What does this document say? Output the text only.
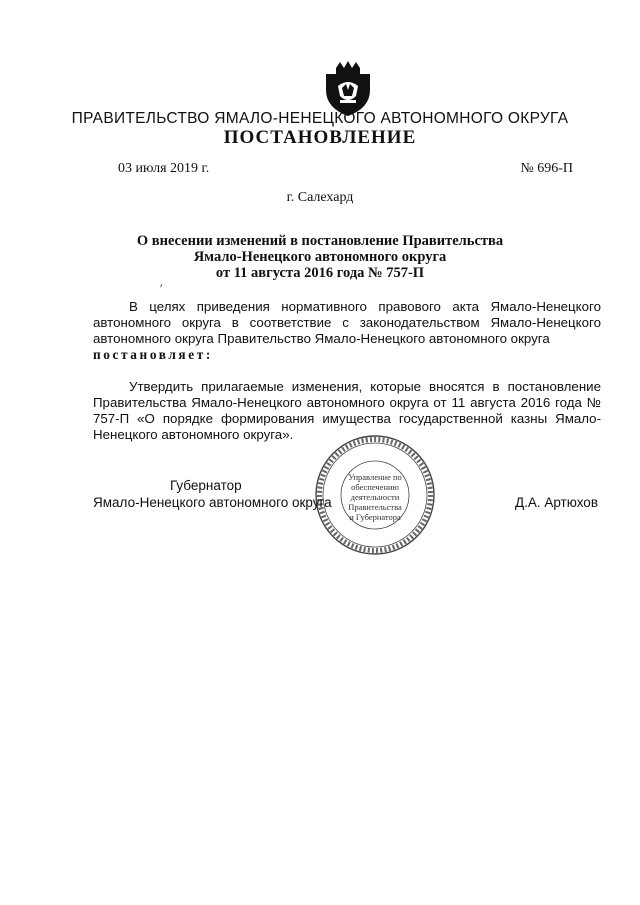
ПРАВИТЕЛЬСТВО ЯМАЛО-НЕНЕЦКОГО АВТОНОМНОГО ОКРУГА
ПОСТАНОВЛЕНИЕ
03 июля 2019 г.	№ 696-П
г. Салехард
О внесении изменений в постановление Правительства
Ямало-Ненецкого автономного округа
от 11 августа 2016 года № 757-П
′

В целях приведения нормативного правового акта Ямало-Ненецкого автономного округа в соответствие с законодательством Ямало-Ненецкого автономного округа Правительство Ямало-Ненецкого автономного округа
постановляет:

Утвердить прилагаемые изменения, которые вносятся в постановление Правительства Ямало-Ненецкого автономного округа от 11 августа 2016 года № 757-П «О порядке формирования имущества государственной казны Ямало-Ненецкого автономного округа».

Управление по
обеспечению
деятельности
Правительства
и Губернатора
Губернатор
Ямало-Ненецкого автономного округа	Д.А. Артюхов
